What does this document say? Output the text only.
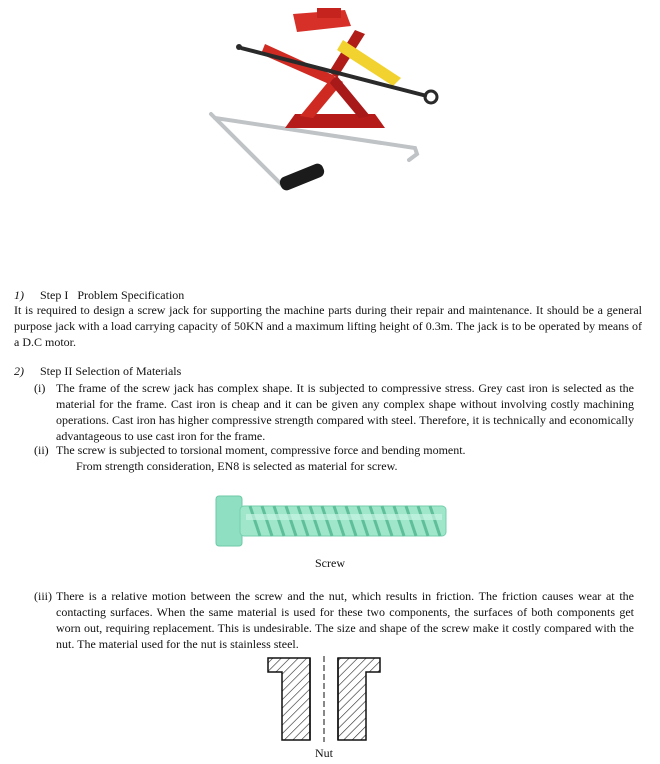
1) Step I   Problem Specification
It is required to design a screw jack for supporting the machine parts during their repair and maintenance. It should be a general purpose jack with a load carrying capacity of 50KN and a maximum lifting height of 0.3m. The jack is to be operated by means of a D.C motor.
2) Step II Selection of Materials
(i) The frame of the screw jack has complex shape. It is subjected to compressive stress. Grey cast iron is selected as the material for the frame. Cast iron is cheap and it can be given any complex shape without involving costly machining operations. Cast iron has higher compressive strength compared with steel. Therefore, it is technically and economically advantageous to use cast iron for the frame.
(ii) The screw is subjected to torsional moment, compressive force and bending moment.
From strength consideration, EN8 is selected as material for screw.
Screw
(iii) There is a relative motion between the screw and the nut, which results in friction. The friction causes wear at the contacting surfaces. When the same material is used for these two components, the surfaces of both components get worn out, requiring replacement. This is undesirable. The size and shape of the screw make it costly compared with the nut. The material used for the nut is stainless steel.
Nut
